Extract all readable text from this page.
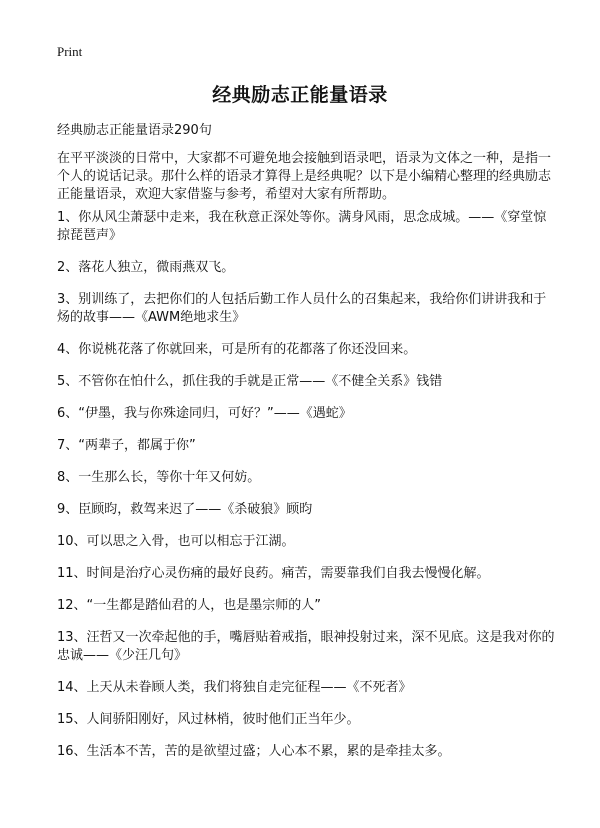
Print
经典励志正能量语录

经典励志正能量语录290句

在平平淡淡的日常中，大家都不可避免地会接触到语录吧，语录为文体之一种，是指一个人的说话记录。那什么样的语录才算得上是经典呢？以下是小编精心整理的经典励志正能量语录，欢迎大家借鉴与参考，希望对大家有所帮助。

1、你从风尘萧瑟中走来，我在秋意正深处等你。满身风雨，思念成城。——《穿堂惊掠琵琶声》
2、落花人独立，微雨燕双飞。
3、别训练了，去把你们的人包括后勤工作人员什么的召集起来，我给你们讲讲我和于炀的故事——《AWM绝地求生》
4、你说桃花落了你就回来，可是所有的花都落了你还没回来。
5、不管你在怕什么，抓住我的手就是正常——《不健全关系》钱错
6、“伊墨，我与你殊途同归，可好？”——《遇蛇》
7、“两辈子，都属于你”
8、一生那么长，等你十年又何妨。
9、臣顾昀，救驾来迟了——《杀破狼》顾昀
10、可以思之入骨，也可以相忘于江湖。
11、时间是治疗心灵伤痛的最好良药。痛苦，需要靠我们自我去慢慢化解。
12、“一生都是踏仙君的人，也是墨宗师的人”
13、汪哲又一次牵起他的手，嘴唇贴着戒指，眼神投射过来，深不见底。这是我对你的忠诚——《少汪几句》
14、上天从未眷顾人类，我们将独自走完征程——《不死者》
15、人间骄阳刚好，风过林梢，彼时他们正当年少。
16、生活本不苦，苦的是欲望过盛；人心本不累，累的是牵挂太多。
